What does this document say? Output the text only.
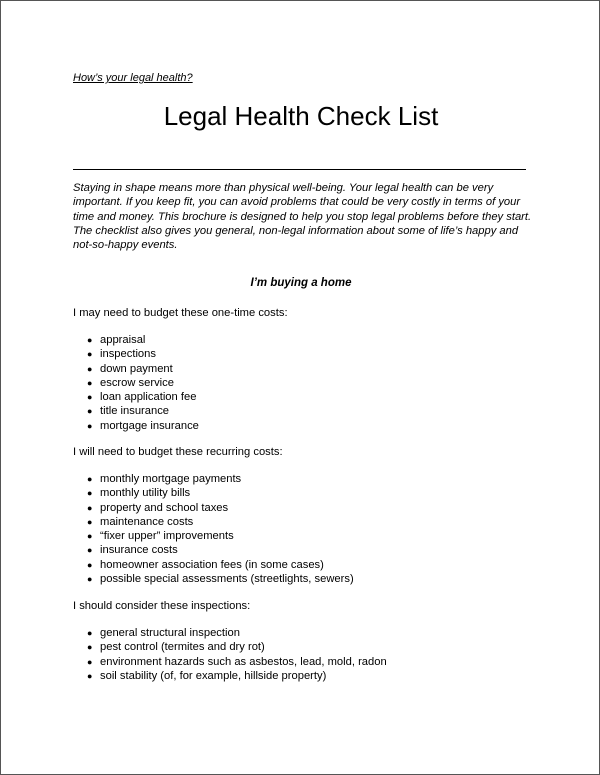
How’s your legal health?
Legal Health Check List
Staying in shape means more than physical well-being. Your legal health can be very important. If you keep fit, you can avoid problems that could be very costly in terms of your time and money. This brochure is designed to help you stop legal problems before they start. The checklist also gives you general, non-legal information about some of life’s happy and not-so-happy events.
I’m buying a home
I may need to budget these one-time costs:
● appraisal
● inspections
● down payment
● escrow service
● loan application fee
● title insurance
● mortgage insurance
I will need to budget these recurring costs:
● monthly mortgage payments
● monthly utility bills
● property and school taxes
● maintenance costs
● “fixer upper” improvements
● insurance costs
● homeowner association fees (in some cases)
● possible special assessments (streetlights, sewers)
I should consider these inspections:
● general structural inspection
● pest control (termites and dry rot)
● environment hazards such as asbestos, lead, mold, radon
● soil stability (of, for example, hillside property)
